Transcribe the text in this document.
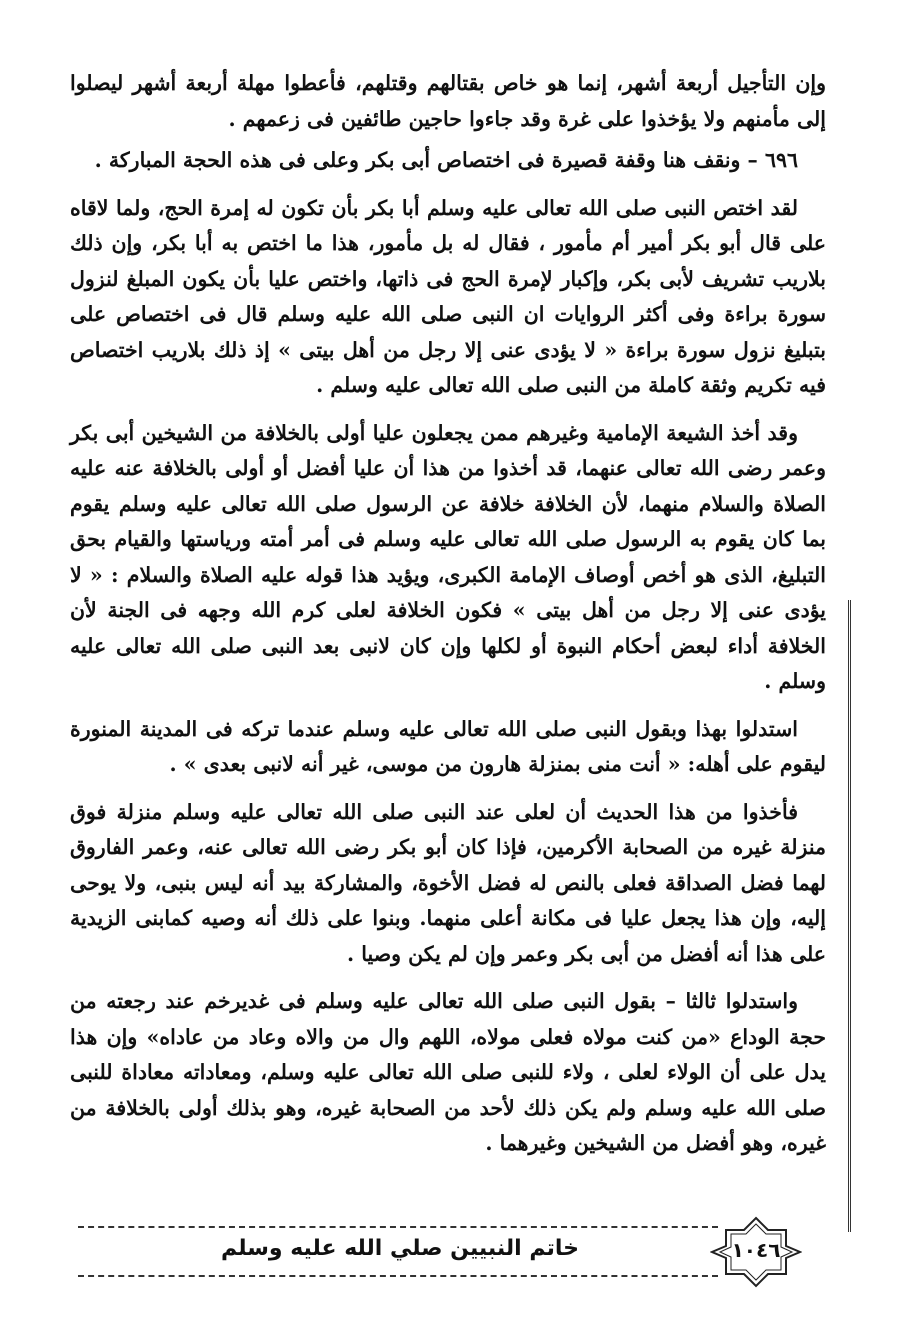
وإن التأجيل أربعة أشهر، إنما هو خاص بقتالهم وقتلهم، فأعطوا مهلة أربعة أشهر ليصلوا إلى مأمنهم ولا يؤخذوا على غرة وقد جاءوا حاجين طائفين فى زعمهم .

٦٩٦ – ونقف هنا وقفة قصيرة فى اختصاص أبى بكر وعلى فى هذه الحجة المباركة .

لقد اختص النبى صلى الله تعالى عليه وسلم أبا بكر بأن تكون له إمرة الحج، ولما لاقاه على قال أبو بكر أمير أم مأمور ، فقال له بل مأمور، هذا ما اختص به أبا بكر، وإن ذلك بلاريب تشريف لأبى بكر، وإكبار لإمرة الحج فى ذاتها، واختص عليا بأن يكون المبلغ لنزول سورة براءة وفى أكثر الروايات ان النبى صلى الله عليه وسلم قال فى اختصاص على بتبليغ نزول سورة براءة « لا يؤدى عنى إلا رجل من أهل بيتى » إذ ذلك بلاريب اختصاص فيه تكريم وثقة كاملة من النبى صلى الله تعالى عليه وسلم .

وقد أخذ الشيعة الإمامية وغيرهم ممن يجعلون عليا أولى بالخلافة من الشيخين أبى بكر وعمر رضى الله تعالى عنهما، قد أخذوا من هذا أن عليا أفضل أو أولى بالخلافة عنه عليه الصلاة والسلام منهما، لأن الخلافة خلافة عن الرسول صلى الله تعالى عليه وسلم يقوم بما كان يقوم به الرسول صلى الله تعالى عليه وسلم فى أمر أمته ورياستها والقيام بحق التبليغ، الذى هو أخص أوصاف الإمامة الكبرى، ويؤيد هذا قوله عليه الصلاة والسلام : « لا يؤدى عنى إلا رجل من أهل بيتى » فكون الخلافة لعلى كرم الله وجهه فى الجنة لأن الخلافة أداء لبعض أحكام النبوة أو لكلها وإن كان لانبى بعد النبى صلى الله تعالى عليه وسلم .

استدلوا بهذا وبقول النبى صلى الله تعالى عليه وسلم عندما تركه فى المدينة المنورة ليقوم على أهله: « أنت منى بمنزلة هارون من موسى، غير أنه لانبى بعدى » .

فأخذوا من هذا الحديث أن لعلى عند النبى صلى الله تعالى عليه وسلم منزلة فوق منزلة غيره من الصحابة الأكرمين، فإذا كان أبو بكر رضى الله تعالى عنه، وعمر الفاروق لهما فضل الصداقة فعلى بالنص له فضل الأخوة، والمشاركة بيد أنه ليس بنبى، ولا يوحى إليه، وإن هذا يجعل عليا فى مكانة أعلى منهما. وبنوا على ذلك أنه وصيه كمابنى الزيدية على هذا أنه أفضل من أبى بكر وعمر وإن لم يكن وصيا .

واستدلوا ثالثا – بقول النبى صلى الله تعالى عليه وسلم فى غديرخم عند رجعته من حجة الوداع «من كنت مولاه فعلى مولاه، اللهم وال من والاه وعاد من عاداه» وإن هذا يدل على أن الولاء لعلى ، ولاء للنبى صلى الله تعالى عليه وسلم، ومعاداته معاداة للنبى صلى الله عليه وسلم ولم يكن ذلك لأحد من الصحابة غيره، وهو بذلك أولى بالخلافة من غيره، وهو أفضل من الشيخين وغيرهما .

خاتم النبيين صلي الله عليه وسلم	١٠٤٦
